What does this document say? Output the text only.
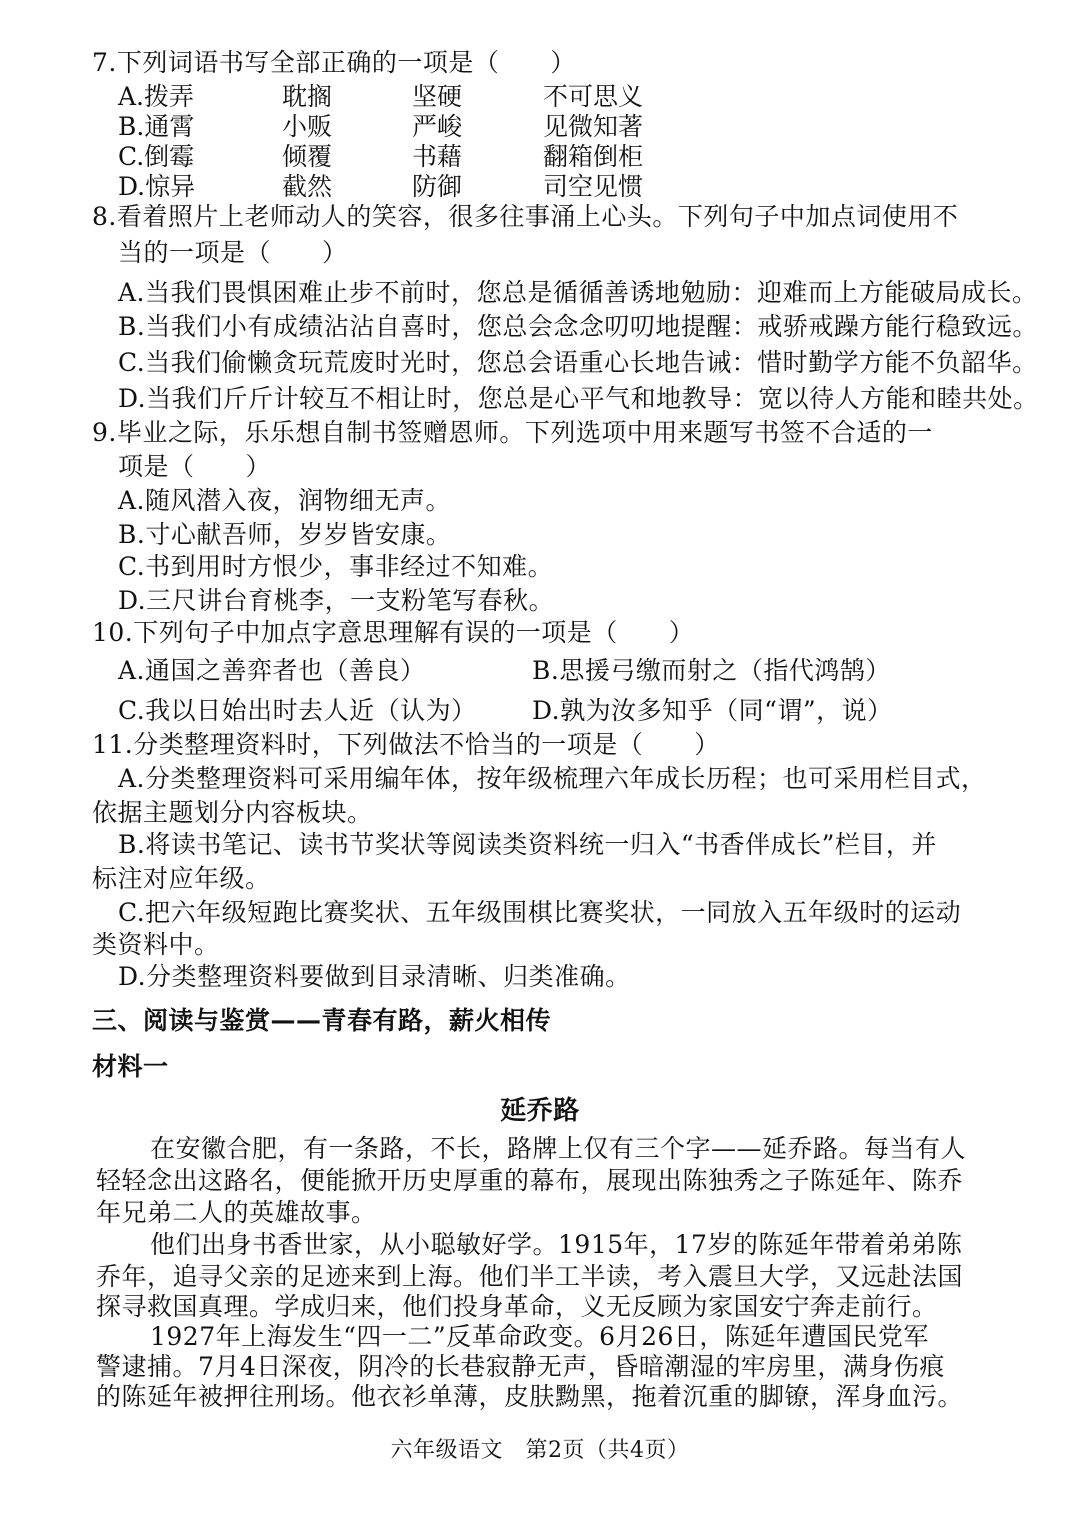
7.下列词语书写全部正确的一项是（　　）
A.拨弄	耽搁	坚硬	不可思义
B.通霄	小贩	严峻	见微知著
C.倒霉	倾覆	书藉	翻箱倒柜
D.惊异	截然	防御	司空见惯
8.看着照片上老师动人的笑容，很多往事涌上心头。下列句子中加点词使用不
当的一项是（　　）
A.当我们畏惧困难止步不前时，您总是循循善诱地勉励：迎难而上方能破局成长。
B.当我们小有成绩沾沾自喜时，您总会念念叨叨地提醒：戒骄戒躁方能行稳致远。
C.当我们偷懒贪玩荒废时光时，您总会语重心长地告诫：惜时勤学方能不负韶华。
D.当我们斤斤计较互不相让时，您总是心平气和地教导：宽以待人方能和睦共处。
9.毕业之际，乐乐想自制书签赠恩师。下列选项中用来题写书签不合适的一
项是（　　）
A.随风潜入夜，润物细无声。
B.寸心献吾师，岁岁皆安康。
C.书到用时方恨少，事非经过不知难。
D.三尺讲台育桃李，一支粉笔写春秋。
10.下列句子中加点字意思理解有误的一项是（　　）
A.通国之善弈者也（善良）	B.思援弓缴而射之（指代鸿鹄）
C.我以日始出时去人近（认为） D.孰为汝多知乎（同“谓”，说）
11.分类整理资料时，下列做法不恰当的一项是（　　）
A.分类整理资料可采用编年体，按年级梳理六年成长历程；也可采用栏目式，
依据主题划分内容板块。
B.将读书笔记、读书节奖状等阅读类资料统一归入“书香伴成长”栏目，并
标注对应年级。
C.把六年级短跑比赛奖状、五年级围棋比赛奖状，一同放入五年级时的运动
类资料中。
D.分类整理资料要做到目录清晰、归类准确。
三、阅读与鉴赏——青春有路，薪火相传
材料一
延乔路
在安徽合肥，有一条路，不长，路牌上仅有三个字——延乔路。每当有人
轻轻念出这路名，便能掀开历史厚重的幕布，展现出陈独秀之子陈延年、陈乔
年兄弟二人的英雄故事。
他们出身书香世家，从小聪敏好学。1915年，17岁的陈延年带着弟弟陈
乔年，追寻父亲的足迹来到上海。他们半工半读，考入震旦大学，又远赴法国
探寻救国真理。学成归来，他们投身革命，义无反顾为家国安宁奔走前行。
1927年上海发生“四一二”反革命政变。6月26日，陈延年遭国民党军
警逮捕。7月4日深夜，阴冷的长巷寂静无声，昏暗潮湿的牢房里，满身伤痕
的陈延年被押往刑场。他衣衫单薄，皮肤黝黑，拖着沉重的脚镣，浑身血污。
六年级语文　第2页（共4页）
